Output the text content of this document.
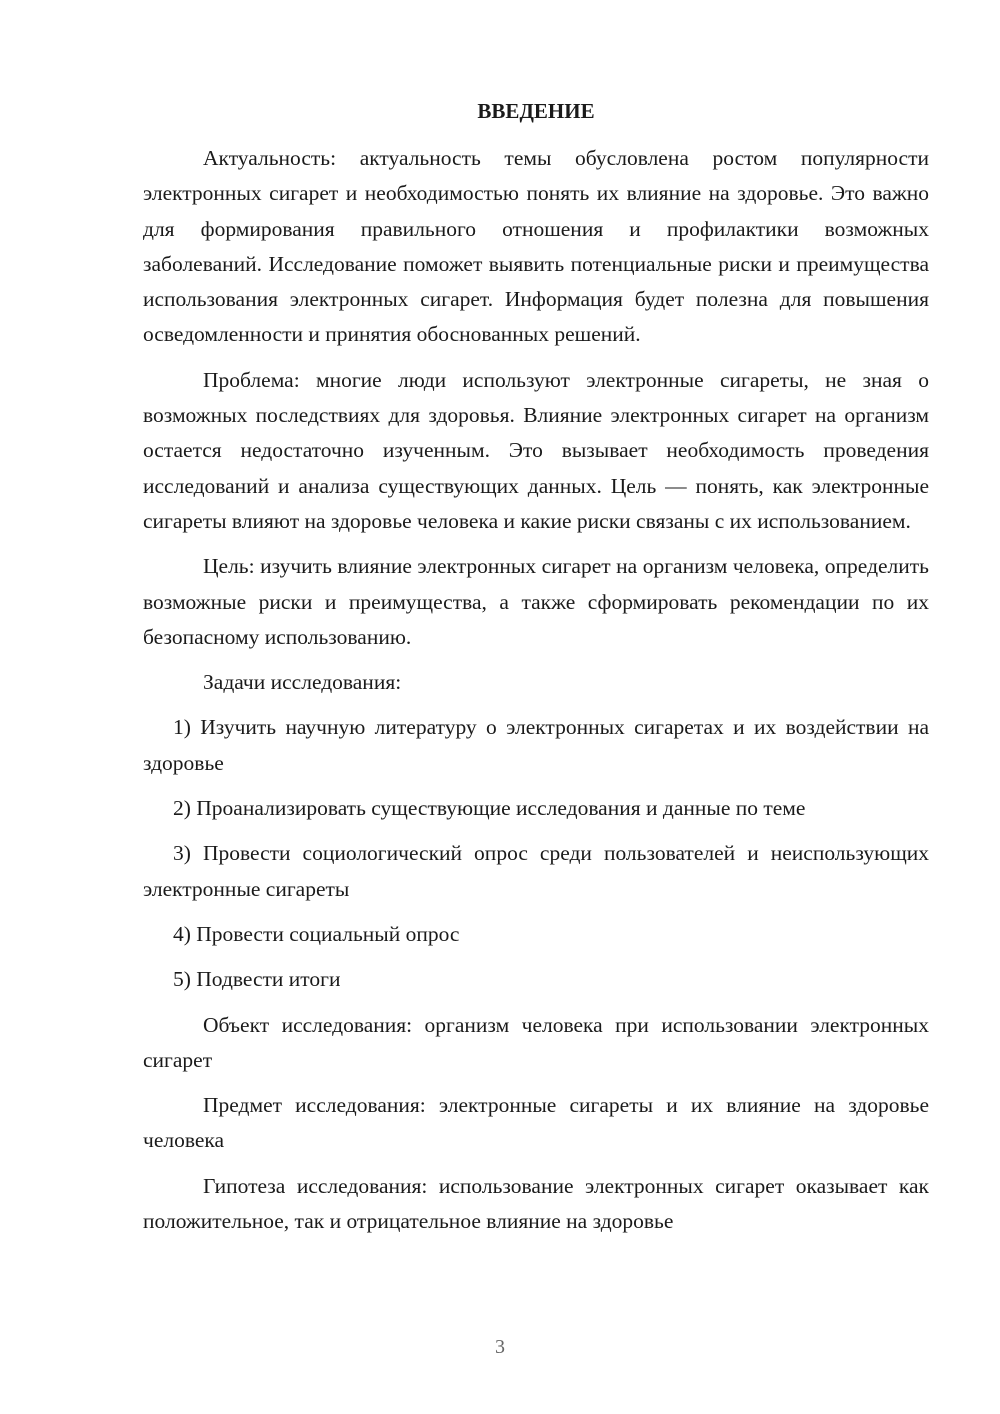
ВВЕДЕНИЕ

Актуальность: актуальность темы обусловлена ростом популярности электронных сигарет и необходимостью понять их влияние на здоровье. Это важно для формирования правильного отношения и профилактики возможных заболеваний. Исследование поможет выявить потенциальные риски и преимущества использования электронных сигарет. Информация будет полезна для повышения осведомленности и принятия обоснованных решений.

Проблема: многие люди используют электронные сигареты, не зная о возможных последствиях для здоровья. Влияние электронных сигарет на организм остается недостаточно изученным. Это вызывает необходимость проведения исследований и анализа существующих данных. Цель — понять, как электронные сигареты влияют на здоровье человека и какие риски связаны с их использованием.

Цель: изучить влияние электронных сигарет на организм человека, определить возможные риски и преимущества, а также сформировать рекомендации по их безопасному использованию.

Задачи исследования:

1) Изучить научную литературу о электронных сигаретах и их воздействии на здоровье

2) Проанализировать существующие исследования и данные по теме

3) Провести социологический опрос среди пользователей и неиспользующих электронные сигареты

4) Провести социальный опрос

5) Подвести итоги

Объект исследования: организм человека при использовании электронных сигарет

Предмет исследования: электронные сигареты и их влияние на здоровье человека

Гипотеза исследования: использование электронных сигарет оказывает как положительное, так и отрицательное влияние на здоровье

3
